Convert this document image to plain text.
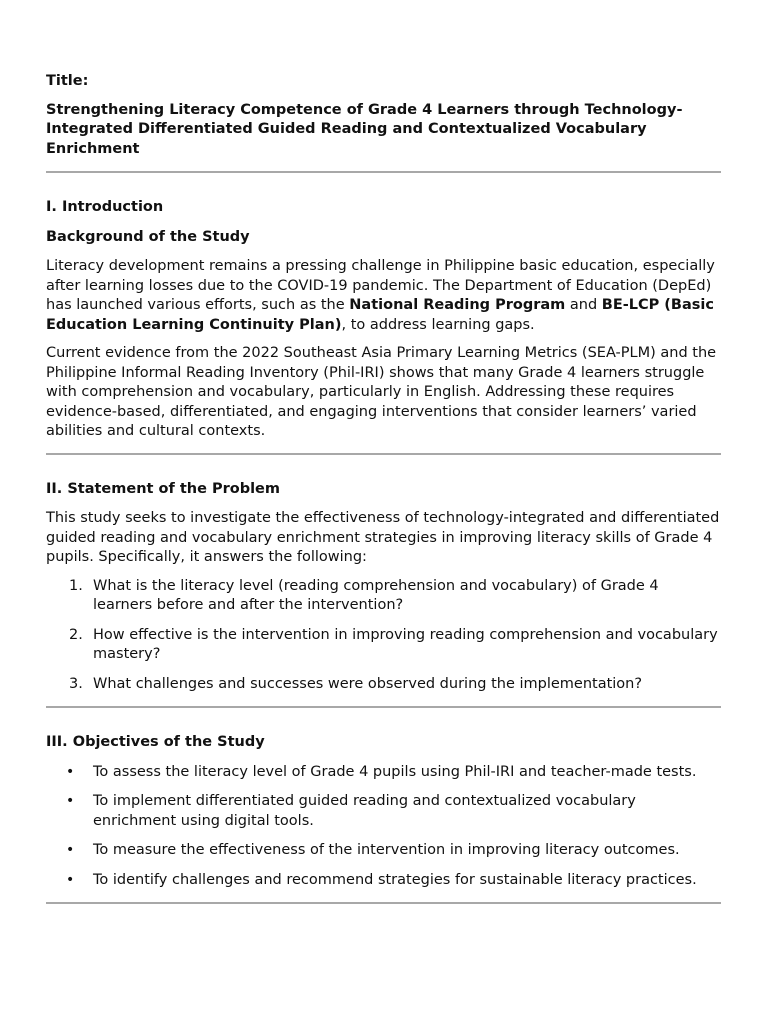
Title:

Strengthening Literacy Competence of Grade 4 Learners through Technology-Integrated Differentiated Guided Reading and Contextualized Vocabulary Enrichment

I. Introduction

Background of the Study

Literacy development remains a pressing challenge in Philippine basic education, especially after learning losses due to the COVID-19 pandemic. The Department of Education (DepEd) has launched various efforts, such as the National Reading Program and BE-LCP (Basic Education Learning Continuity Plan), to address learning gaps.

Current evidence from the 2022 Southeast Asia Primary Learning Metrics (SEA-PLM) and the Philippine Informal Reading Inventory (Phil-IRI) shows that many Grade 4 learners struggle with comprehension and vocabulary, particularly in English. Addressing these requires evidence-based, differentiated, and engaging interventions that consider learners’ varied abilities and cultural contexts.

II. Statement of the Problem

This study seeks to investigate the effectiveness of technology-integrated and differentiated guided reading and vocabulary enrichment strategies in improving literacy skills of Grade 4 pupils. Specifically, it answers the following:

1. What is the literacy level (reading comprehension and vocabulary) of Grade 4 learners before and after the intervention?
2. How effective is the intervention in improving reading comprehension and vocabulary mastery?
3. What challenges and successes were observed during the implementation?

III. Objectives of the Study

• To assess the literacy level of Grade 4 pupils using Phil-IRI and teacher-made tests.
• To implement differentiated guided reading and contextualized vocabulary enrichment using digital tools.
• To measure the effectiveness of the intervention in improving literacy outcomes.
• To identify challenges and recommend strategies for sustainable literacy practices.
